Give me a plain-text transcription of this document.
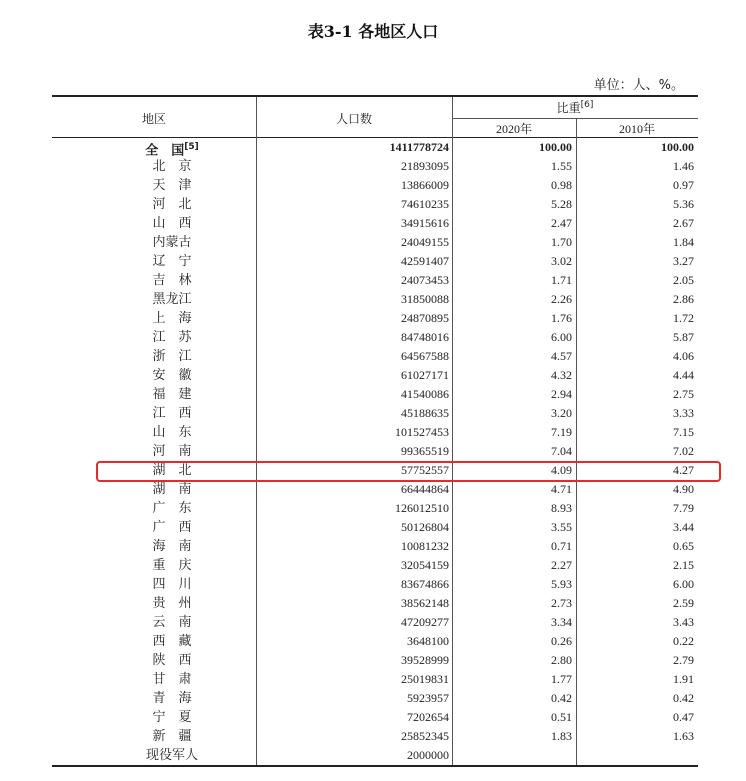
表3-1 各地区人口
单位：人、%。
地区	人口数
比重[6]
2020年	2010年
全　国[5]	1411778724	100.00	100.00
北　京	21893095	1.55	1.46
天　津	13866009	0.98	0.97
河　北	74610235	5.28	5.36
山　西	34915616	2.47	2.67
内蒙古	24049155	1.70	1.84
辽　宁	42591407	3.02	3.27
吉　林	24073453	1.71	2.05
黑龙江	31850088	2.26	2.86
上　海	24870895	1.76	1.72
江　苏	84748016	6.00	5.87
浙　江	64567588	4.57	4.06
安　徽	61027171	4.32	4.44
福　建	41540086	2.94	2.75
江　西	45188635	3.20	3.33
山　东	101527453	7.19	7.15
河　南	99365519	7.04	7.02
湖　北	57752557	4.09	4.27
湖　南	66444864	4.71	4.90
广　东	126012510	8.93	7.79
广　西	50126804	3.55	3.44
海　南	10081232	0.71	0.65
重　庆	32054159	2.27	2.15
四　川	83674866	5.93	6.00
贵　州	38562148	2.73	2.59
云　南	47209277	3.34	3.43
西　藏	3648100	0.26	0.22
陕　西	39528999	2.80	2.79
甘　肃	25019831	1.77	1.91
青　海	5923957	0.42	0.42
宁　夏	7202654	0.51	0.47
新　疆	25852345	1.83	1.63
现役军人	2000000
